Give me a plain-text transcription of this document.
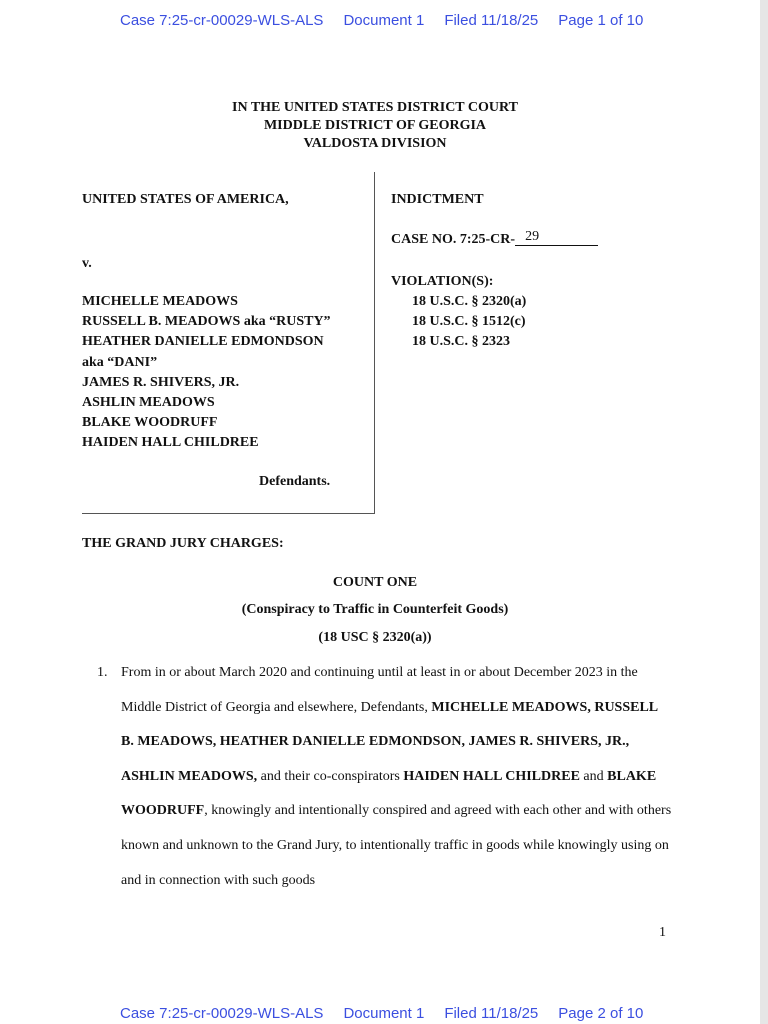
Case 7:25-cr-00029-WLS-ALS Document 1 Filed 11/18/25 Page 1 of 10
IN THE UNITED STATES DISTRICT COURT
MIDDLE DISTRICT OF GEORGIA
VALDOSTA DIVISION
UNITED STATES OF AMERICA,
v.
MICHELLE MEADOWS
RUSSELL B. MEADOWS aka “RUSTY”
HEATHER DANIELLE EDMONDSON
aka “DANI”
JAMES R. SHIVERS, JR.
ASHLIN MEADOWS
BLAKE WOODRUFF
HAIDEN HALL CHILDREE
Defendants.
INDICTMENT
CASE NO. 7:25-CR- 29
VIOLATION(S):
18 U.S.C. § 2320(a)
18 U.S.C. § 1512(c)
18 U.S.C. § 2323
THE GRAND JURY CHARGES:
COUNT ONE
(Conspiracy to Traffic in Counterfeit Goods)
(18 USC § 2320(a))
1. From in or about March 2020 and continuing until at least in or about December 2023 in the Middle District of Georgia and elsewhere, Defendants, MICHELLE MEADOWS, RUSSELL B. MEADOWS, HEATHER DANIELLE EDMONDSON, JAMES R. SHIVERS, JR., ASHLIN MEADOWS, and their co-conspirators HAIDEN HALL CHILDREE and BLAKE WOODRUFF, knowingly and intentionally conspired and agreed with each other and with others known and unknown to the Grand Jury, to intentionally traffic in goods while knowingly using on and in connection with such goods
1
Case 7:25-cr-00029-WLS-ALS Document 1 Filed 11/18/25 Page 2 of 10
